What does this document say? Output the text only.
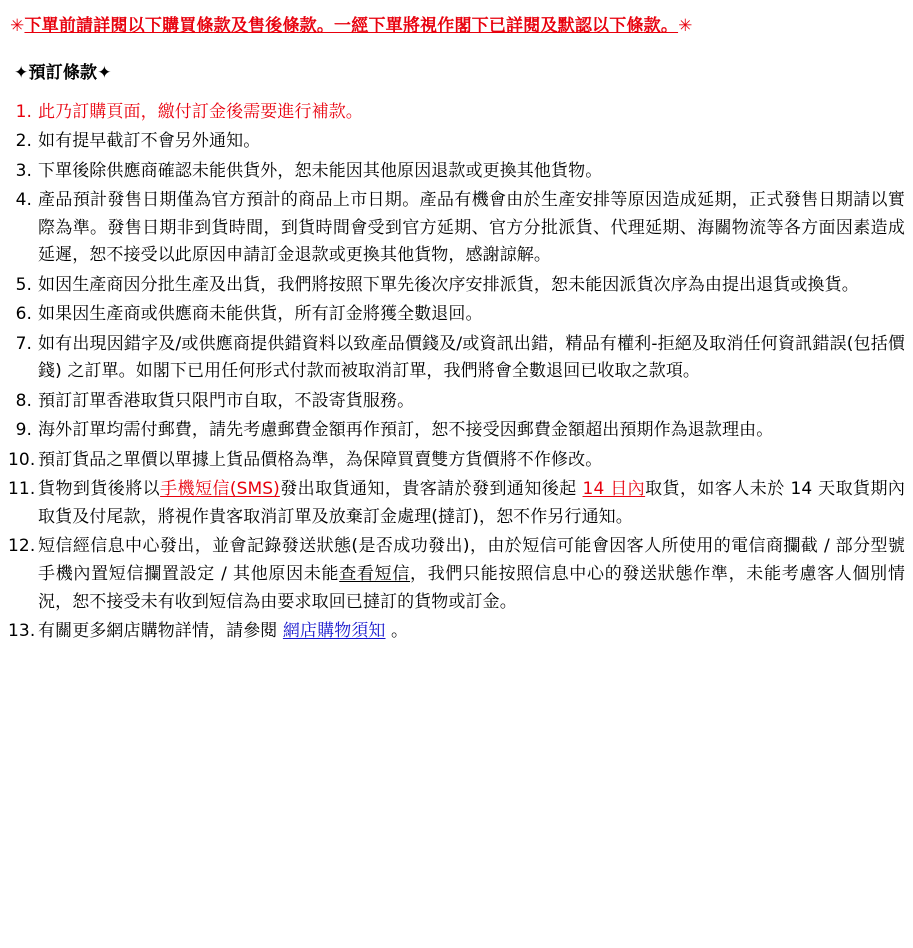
✳下單前請詳閱以下購買條款及售後條款。一經下單將視作閣下已詳閱及默認以下條款。✳
✦預訂條款✦
1. 此乃訂購頁面，繳付訂金後需要進行補款。
2. 如有提早截訂不會另外通知。
3. 下單後除供應商確認未能供貨外，恕未能因其他原因退款或更換其他貨物。
4. 產品預計發售日期僅為官方預計的商品上市日期。產品有機會由於生產安排等原因造成延期，正式發售日期請以實際為準。發售日期非到貨時間，到貨時間會受到官方延期、官方分批派貨、代理延期、海關物流等各方面因素造成延遲，恕不接受以此原因申請訂金退款或更換其他貨物，感謝諒解。
5. 如因生產商因分批生產及出貨，我們將按照下單先後次序安排派貨，恕未能因派貨次序為由提出退貨或換貨。
6. 如果因生產商或供應商未能供貨，所有訂金將獲全數退回。
7. 如有出現因錯字及/或供應商提供錯資料以致產品價錢及/或資訊出錯，精品有權利-拒絕及取消任何資訊錯誤(包括價錢) 之訂單。如閣下已用任何形式付款而被取消訂單，我們將會全數退回已收取之款項。
8. 預訂訂單香港取貨只限門市自取，不設寄貨服務。
9. 海外訂單均需付郵費，請先考慮郵費金額再作預訂，恕不接受因郵費金額超出預期作為退款理由。
10. 預訂貨品之單價以單據上貨品價格為準，為保障買賣雙方貨價將不作修改。
11. 貨物到貨後將以手機短信(SMS)發出取貨通知，貴客請於發到通知後起 14 日內取貨，如客人未於 14 天取貨期內取貨及付尾款，將視作貴客取消訂單及放棄訂金處理(撻訂)，恕不作另行通知。
12. 短信經信息中心發出，並會記錄發送狀態(是否成功發出)，由於短信可能會因客人所使用的電信商攔截 / 部分型號手機內置短信攔置設定 / 其他原因未能查看短信，我們只能按照信息中心的發送狀態作準，未能考慮客人個別情況，恕不接受未有收到短信為由要求取回已撻訂的貨物或訂金。
13. 有關更多網店購物詳情，請參閱 網店購物須知 。
